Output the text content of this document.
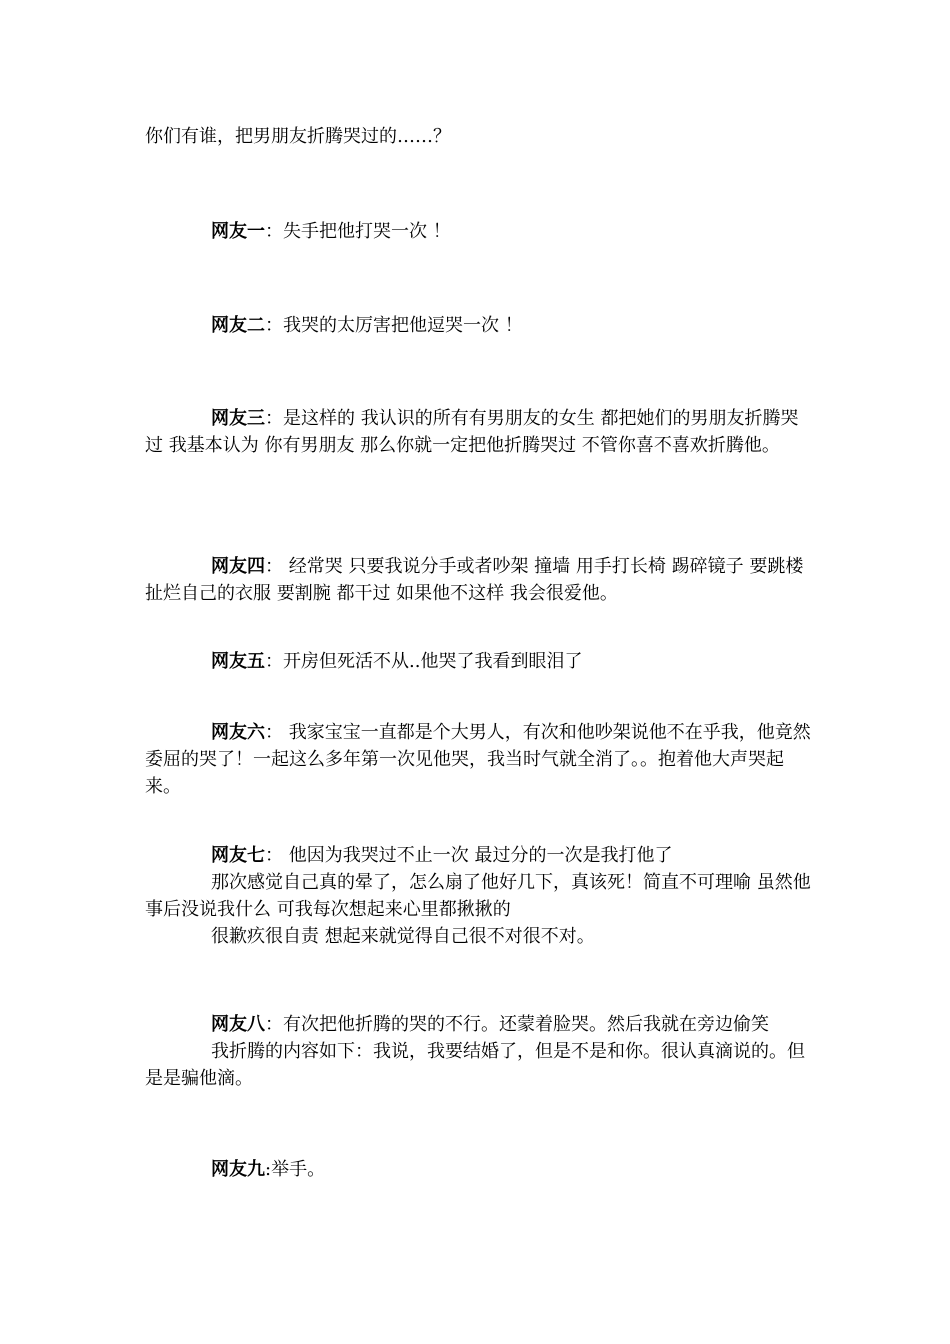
你们有谁，把男朋友折腾哭过的……？

网友一：失手把他打哭一次 ！

网友二：我哭的太厉害把他逗哭一次 ！

网友三：是这样的 我认识的所有有男朋友的女生 都把她们的男朋友折腾哭过 我基本认为 你有男朋友 那么你就一定把他折腾哭过 不管你喜不喜欢折腾他。

网友四： 经常哭 只要我说分手或者吵架 撞墙 用手打长椅 踢碎镜子 要跳楼 扯烂自己的衣服 要割腕 都干过 如果他不这样 我会很爱他。

网友五：开房但死活不从..他哭了我看到眼泪了

网友六： 我家宝宝一直都是个大男人，有次和他吵架说他不在乎我，他竟然委屈的哭了！一起这么多年第一次见他哭，我当时气就全消了。。抱着他大声哭起来。

网友七： 他因为我哭过不止一次 最过分的一次是我打他了
那次感觉自己真的晕了，怎么扇了他好几下，真该死！简直不可理喻 虽然他事后没说我什么 可我每次想起来心里都揪揪的
很歉疚很自责 想起来就觉得自己很不对很不对。

网友八：有次把他折腾的哭的不行。还蒙着脸哭。然后我就在旁边偷笑
我折腾的内容如下：我说，我要结婚了，但是不是和你。很认真滴说的。但是是骗他滴。

网友九:举手。
